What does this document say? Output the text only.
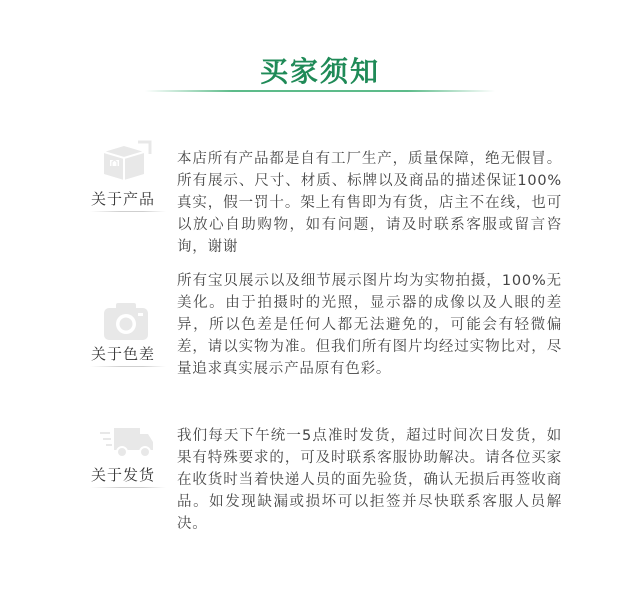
买家须知
关于产品
本店所有产品都是自有工厂生产，质量保障，绝无假冒。所有展示、尺寸、材质、标牌以及商品的描述保证100%真实，假一罚十。架上有售即为有货，店主不在线，也可以放心自助购物，如有问题，请及时联系客服或留言咨询，谢谢
关于色差
所有宝贝展示以及细节展示图片均为实物拍摄，100%无美化。由于拍摄时的光照，显示器的成像以及人眼的差异，所以色差是任何人都无法避免的，可能会有轻微偏差，请以实物为准。但我们所有图片均经过实物比对，尽量追求真实展示产品原有色彩。
关于发货
我们每天下午统一5点准时发货，超过时间次日发货，如果有特殊要求的，可及时联系客服协助解决。请各位买家在收货时当着快递人员的面先验货，确认无损后再签收商品。如发现缺漏或损坏可以拒签并尽快联系客服人员解决。
